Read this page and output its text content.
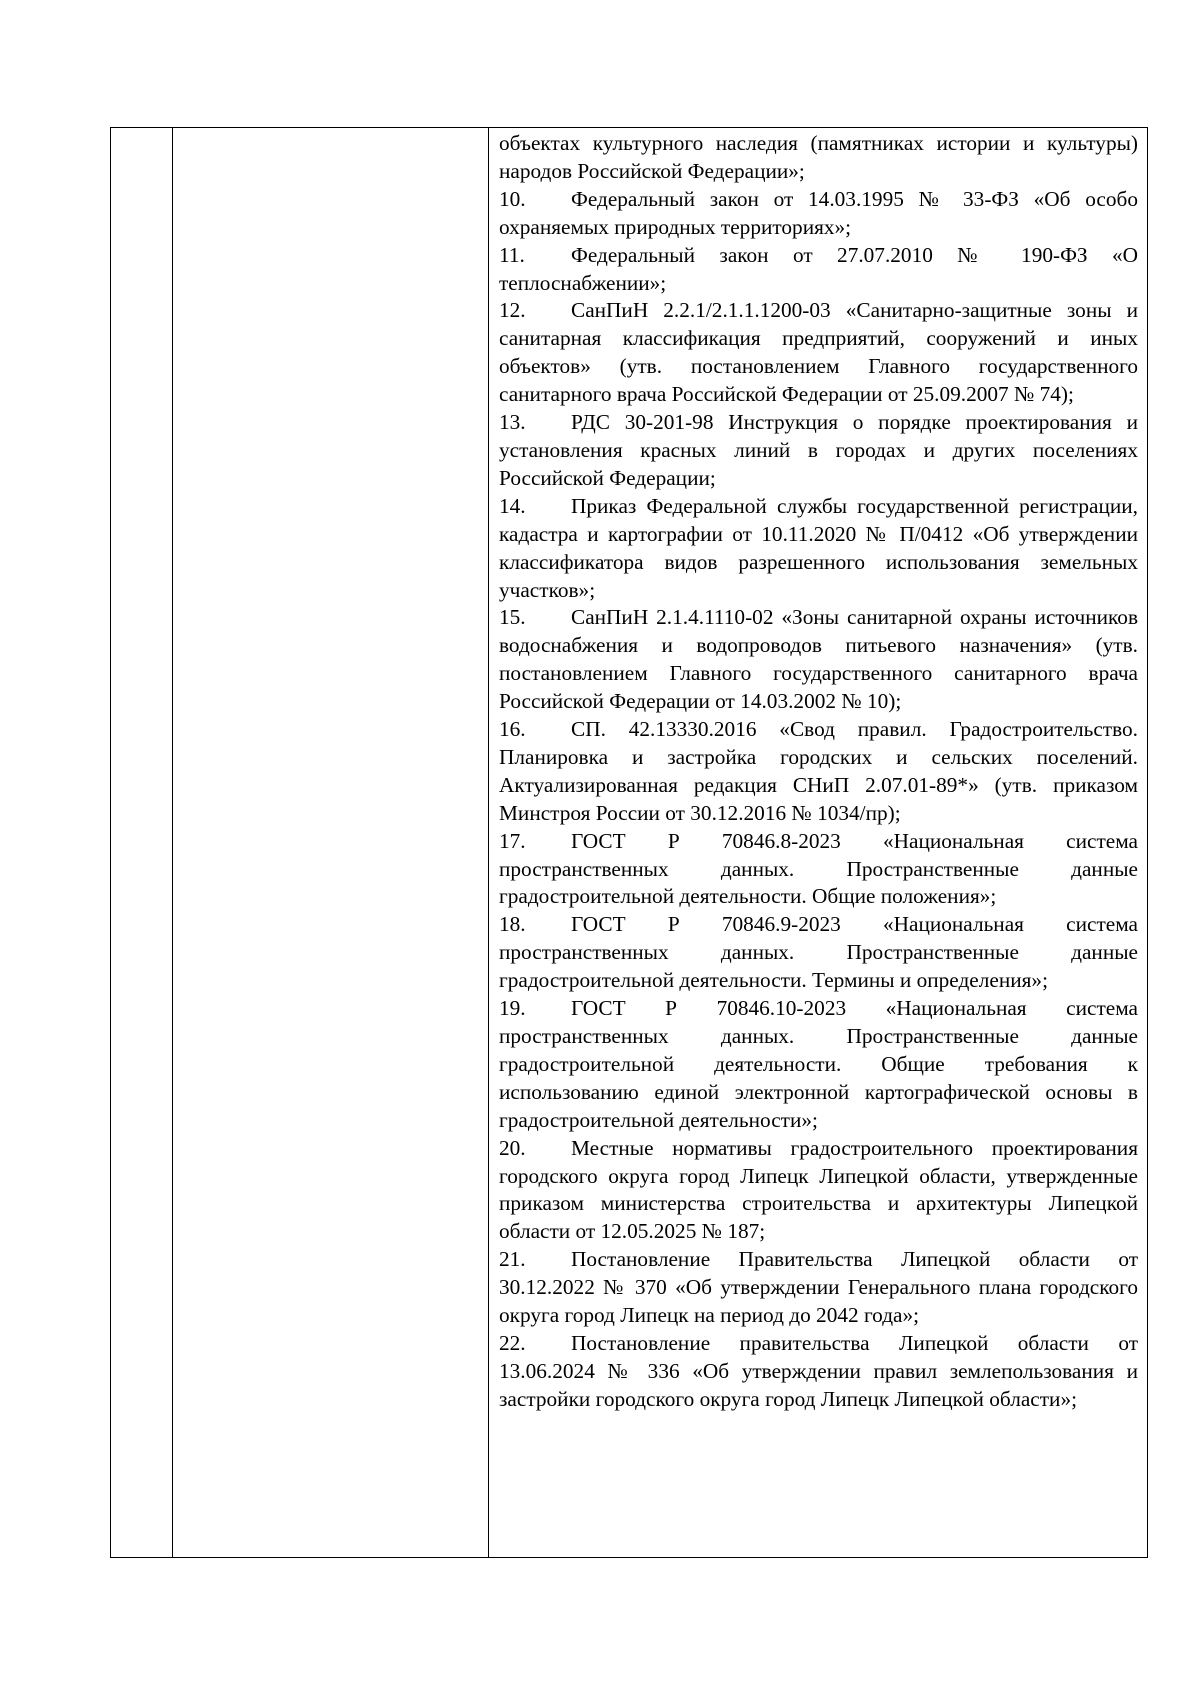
объектах культурного наследия (памятниках истории и культуры) народов Российской Федерации»;

10. Федеральный закон от 14.03.1995 № 33-ФЗ «Об особо охраняемых природных территориях»;

11. Федеральный закон от 27.07.2010 № 190-ФЗ «О теплоснабжении»;

12. СанПиН 2.2.1/2.1.1.1200-03 «Санитарно-защитные зоны и санитарная классификация предприятий, сооружений и иных объектов» (утв. постановлением Главного государственного санитарного врача Российской Федерации от 25.09.2007 № 74);

13. РДС 30-201-98 Инструкция о порядке проектирования и установления красных линий в городах и других поселениях Российской Федерации;

14. Приказ Федеральной службы государственной регистрации, кадастра и картографии от 10.11.2020 № П/0412 «Об утверждении классификатора видов разрешенного использования земельных участков»;

15. СанПиН 2.1.4.1110-02 «Зоны санитарной охраны источников водоснабжения и водопроводов питьевого назначения» (утв. постановлением Главного государственного санитарного врача Российской Федерации от 14.03.2002 № 10);

16. СП. 42.13330.2016 «Свод правил. Градостроительство. Планировка и застройка городских и сельских поселений. Актуализированная редакция СНиП 2.07.01-89*» (утв. приказом Минстроя России от 30.12.2016 № 1034/пр);

17. ГОСТ Р 70846.8-2023 «Национальная система пространственных данных. Пространственные данные градостроительной деятельности. Общие положения»;

18. ГОСТ Р 70846.9-2023 «Национальная система пространственных данных. Пространственные данные градостроительной деятельности. Термины и определения»;

19. ГОСТ Р 70846.10-2023 «Национальная система пространственных данных. Пространственные данные градостроительной деятельности. Общие требования к использованию единой электронной картографической основы в градостроительной деятельности»;

20. Местные нормативы градостроительного проектирования городского округа город Липецк Липецкой области, утвержденные приказом министерства строительства и архитектуры Липецкой области от 12.05.2025 № 187;

21. Постановление Правительства Липецкой области от 30.12.2022 № 370 «Об утверждении Генерального плана городского округа город Липецк на период до 2042 года»;

22. Постановление правительства Липецкой области от 13.06.2024 № 336 «Об утверждении правил землепользования и застройки городского округа город Липецк Липецкой области»;
